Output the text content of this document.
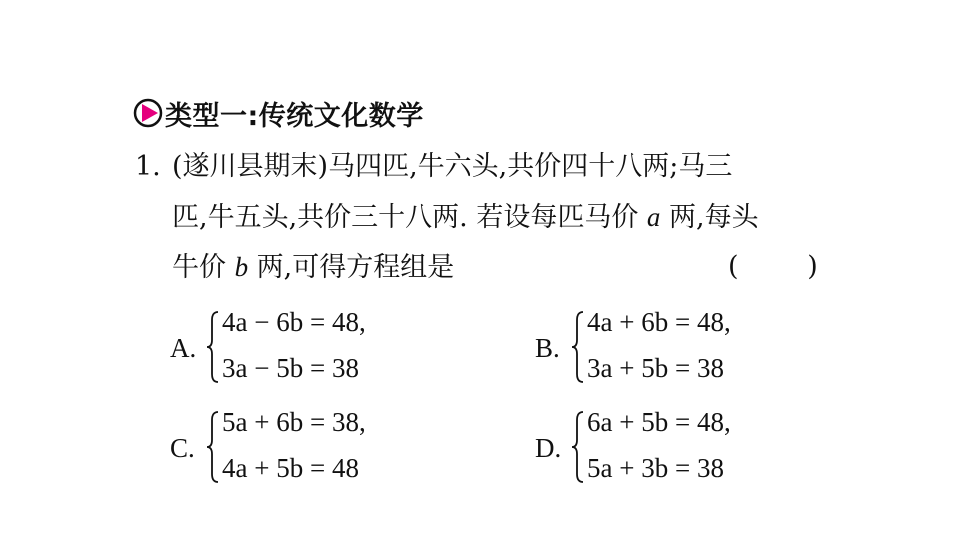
类型一:传统文化数学
1. (遂川县期末)马四匹,牛六头,共价四十八两;马三
匹,牛五头,共价三十八两. 若设每匹马价 a 两,每头
牛价 b 两,可得方程组是	(        )
A.
4a − 6b = 48,
3a − 5b = 38
B.
4a + 6b = 48,
3a + 5b = 38
C.
5a + 6b = 38,
4a + 5b = 48
D.
6a + 5b = 48,
5a + 3b = 38
